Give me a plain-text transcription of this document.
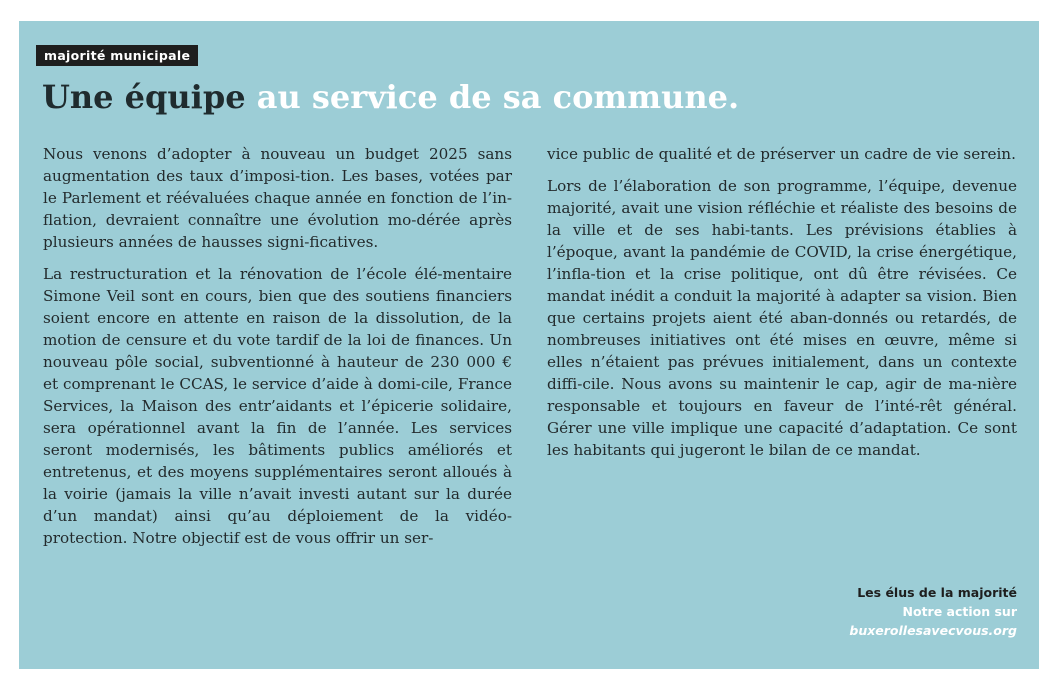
majorité municipale
Une équipe au service de sa commune.

Nous venons d’adopter à nouveau un budget 2025 sans augmentation des taux d’imposi-tion. Les bases, votées par le Parlement et réévaluées chaque année en fonction de l’in-flation, devraient connaître une évolution mo-dérée après plusieurs années de hausses signi-ficatives.

La restructuration et la rénovation de l’école élé-mentaire Simone Veil sont en cours, bien que des soutiens financiers soient encore en attente en raison de la dissolution, de la motion de censure et du vote tardif de la loi de finances. Un nouveau pôle social, subventionné à hauteur de 230 000 € et comprenant le CCAS, le service d’aide à domi-cile, France Services, la Maison des entr’aidants et l’épicerie solidaire, sera opérationnel avant la fin de l’année. Les services seront modernisés, les bâtiments publics améliorés et entretenus, et des moyens supplémentaires seront alloués à la voirie (jamais la ville n’avait investi autant sur la durée d’un mandat) ainsi qu’au déploiement de la vidéo-protection. Notre objectif est de vous offrir un ser-

vice public de qualité et de préserver un cadre de vie serein.

Lors de l’élaboration de son programme, l’équipe, devenue majorité, avait une vision réfléchie et réaliste des besoins de la ville et de ses habi-tants. Les prévisions établies à l’époque, avant la pandémie de COVID, la crise énergétique, l’infla-tion et la crise politique, ont dû être révisées. Ce mandat inédit a conduit la majorité à adapter sa vision. Bien que certains projets aient été aban-donnés ou retardés, de nombreuses initiatives ont été mises en œuvre, même si elles n’étaient pas prévues initialement, dans un contexte diffi-cile. Nous avons su maintenir le cap, agir de ma-nière responsable et toujours en faveur de l’inté-rêt général. Gérer une ville implique une capacité d’adaptation. Ce sont les habitants qui jugeront le bilan de ce mandat.

Les élus de la majorité
Notre action sur
buxerollesavecvous.org
